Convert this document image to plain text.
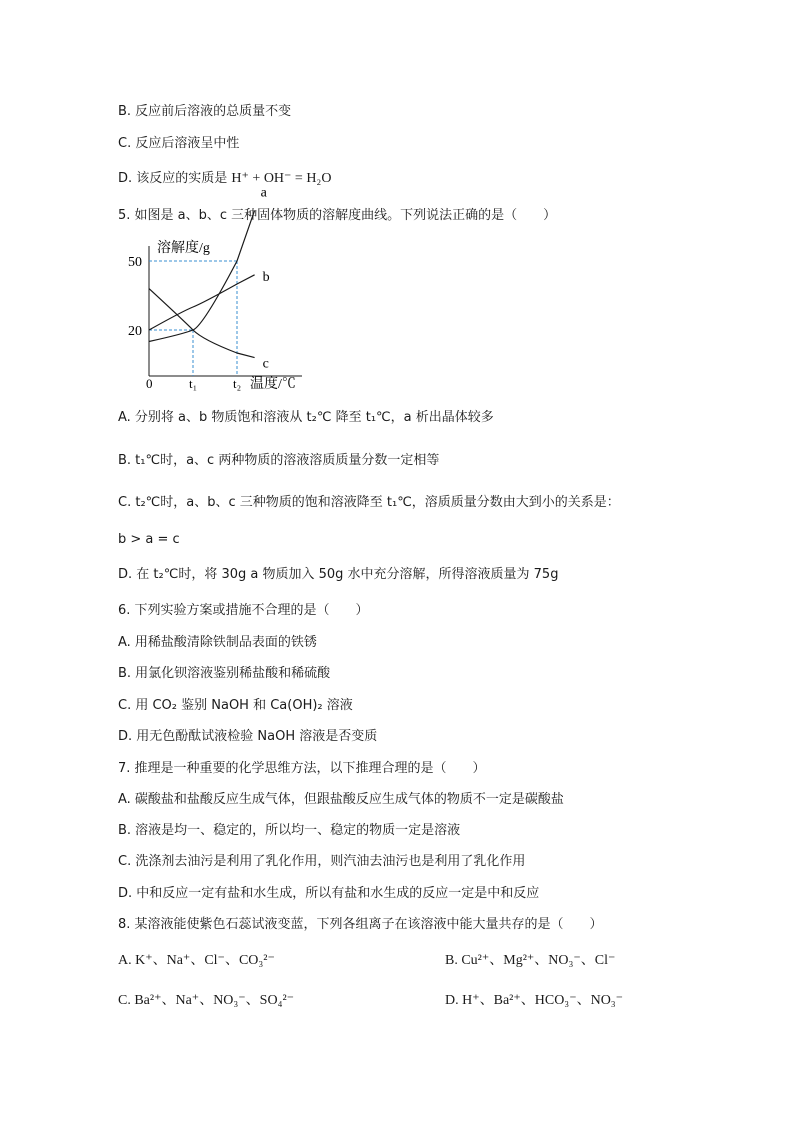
B. 反应前后溶液的总质量不变
C. 反应后溶液呈中性
D. 该反应的实质是 H⁺ + OH⁻ = H₂O
5. 如图是 a、b、c 三种固体物质的溶解度曲线。下列说法正确的是（　　）
溶解度/g
温度/℃
0
a
b
c
20
50
t₁	t₂
A. 分别将 a、b 物质饱和溶液从 t₂℃ 降至 t₁℃，a 析出晶体较多
B. t₁℃时，a、c 两种物质的溶液溶质质量分数一定相等
C. t₂℃时，a、b、c 三种物质的饱和溶液降至 t₁℃，溶质质量分数由大到小的关系是：
b > a = c
D. 在 t₂℃时，将 30g a 物质加入 50g 水中充分溶解，所得溶液质量为 75g
6. 下列实验方案或措施不合理的是（　　）
A. 用稀盐酸清除铁制品表面的铁锈
B. 用氯化钡溶液鉴别稀盐酸和稀硫酸
C. 用 CO₂ 鉴别 NaOH 和 Ca(OH)₂ 溶液
D. 用无色酚酞试液检验 NaOH 溶液是否变质
7. 推理是一种重要的化学思维方法，以下推理合理的是（　　）
A. 碳酸盐和盐酸反应生成气体，但跟盐酸反应生成气体的物质不一定是碳酸盐
B. 溶液是均一、稳定的，所以均一、稳定的物质一定是溶液
C. 洗涤剂去油污是利用了乳化作用，则汽油去油污也是利用了乳化作用
D. 中和反应一定有盐和水生成，所以有盐和水生成的反应一定是中和反应
8. 某溶液能使紫色石蕊试液变蓝，下列各组离子在该溶液中能大量共存的是（　　）
A. K⁺、Na⁺、Cl⁻、CO₃²⁻	B. Cu²⁺、Mg²⁺、NO₃⁻、Cl⁻
C. Ba²⁺、Na⁺、NO₃⁻、SO₄²⁻	D. H⁺、Ba²⁺、HCO₃⁻、NO₃⁻
